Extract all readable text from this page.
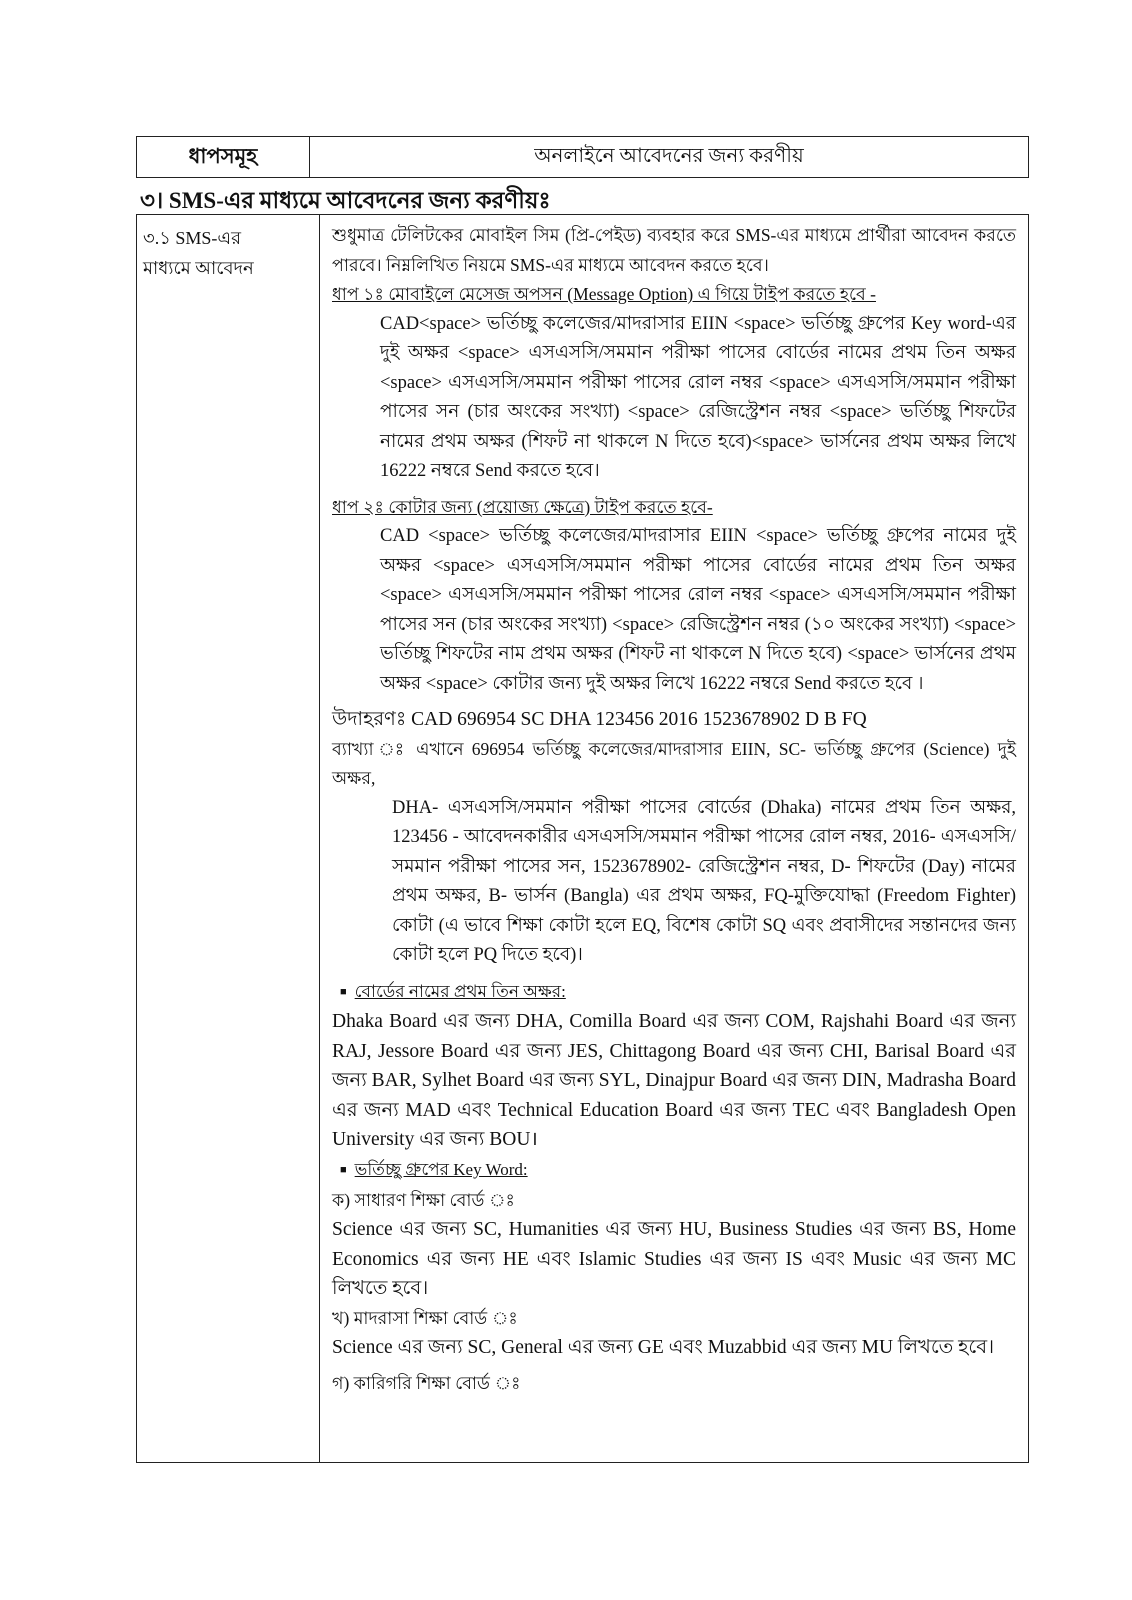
ধাপসমূহ	অনলাইনে আবেদনের জন্য করণীয়
৩। SMS-এর মাধ্যমে আবেদনের জন্য করণীয়ঃ
৩.১ SMS-এর
মাধ্যমে আবেদন

শুধুমাত্র টেলিটকের মোবাইল সিম (প্রি-পেইড) ব্যবহার করে SMS-এর মাধ্যমে প্রার্থীরা আবেদন করতে পারবে। নিম্নলিখিত নিয়মে SMS-এর মাধ্যমে আবেদন করতে হবে।

ধাপ ১ঃ মোবাইলে মেসেজ অপসন (Message Option) এ গিয়ে টাইপ করতে হবে -

CAD<space> ভর্তিচ্ছু কলেজের/মাদরাসার EIIN <space> ভর্তিচ্ছু গ্রুপের Key word-এর দুই অক্ষর <space> এসএসসি/সমমান পরীক্ষা পাসের বোর্ডের নামের প্রথম তিন অক্ষর <space> এসএসসি/সমমান পরীক্ষা পাসের রোল নম্বর <space> এসএসসি/সমমান পরীক্ষা পাসের সন (চার অংকের সংখ্যা) <space> রেজিস্ট্রেশন নম্বর <space> ভর্তিচ্ছু শিফটের নামের প্রথম অক্ষর (শিফট না থাকলে N দিতে হবে)<space> ভার্সনের প্রথম অক্ষর লিখে 16222 নম্বরে Send করতে হবে।

ধাপ ২ঃ কোটার জন্য (প্রয়োজ্য ক্ষেত্রে) টাইপ করতে হবে-

CAD <space> ভর্তিচ্ছু কলেজের/মাদরাসার EIIN <space> ভর্তিচ্ছু গ্রুপের নামের দুই অক্ষর <space> এসএসসি/সমমান পরীক্ষা পাসের বোর্ডের নামের প্রথম তিন অক্ষর <space> এসএসসি/সমমান পরীক্ষা পাসের রোল নম্বর <space> এসএসসি/সমমান পরীক্ষা পাসের সন (চার অংকের সংখ্যা) <space> রেজিস্ট্রেশন নম্বর (১০ অংকের সংখ্যা) <space> ভর্তিচ্ছু শিফটের নাম প্রথম অক্ষর (শিফট না থাকলে N দিতে হবে) <space> ভার্সনের প্রথম অক্ষর <space> কোটার জন্য দুই অক্ষর লিখে 16222 নম্বরে Send করতে হবে ।

উদাহরণঃ CAD 696954 SC DHA 123456 2016 1523678902 D B FQ

ব্যাখ্যা ঃ এখানে 696954 ভর্তিচ্ছু কলেজের/মাদরাসার EIIN, SC- ভর্তিচ্ছু গ্রুপের (Science) দুই অক্ষর,

DHA- এসএসসি/সমমান পরীক্ষা পাসের বোর্ডের (Dhaka) নামের প্রথম তিন অক্ষর, 123456 - আবেদনকারীর এসএসসি/সমমান পরীক্ষা পাসের রোল নম্বর, 2016- এসএসসি/সমমান পরীক্ষা পাসের সন, 1523678902- রেজিস্ট্রেশন নম্বর, D- শিফটের (Day) নামের প্রথম অক্ষর, B- ভার্সন (Bangla) এর প্রথম অক্ষর, FQ-মুক্তিযোদ্ধা (Freedom Fighter) কোটা (এ ভাবে শিক্ষা কোটা হলে EQ, বিশেষ কোটা SQ এবং প্রবাসীদের সন্তানদের জন্য কোটা হলে PQ দিতে হবে)।

■ বোর্ডের নামের প্রথম তিন অক্ষর:

Dhaka Board এর জন্য DHA, Comilla Board এর জন্য COM, Rajshahi Board এর জন্য RAJ, Jessore Board এর জন্য JES, Chittagong Board এর জন্য CHI, Barisal Board এর জন্য BAR, Sylhet Board এর জন্য SYL, Dinajpur Board এর জন্য DIN, Madrasha Board এর জন্য MAD এবং Technical Education Board এর জন্য TEC এবং Bangladesh Open University এর জন্য BOU।

■ ভর্তিচ্ছু গ্রুপের Key Word:

ক) সাধারণ শিক্ষা বোর্ড ঃ

Science এর জন্য SC, Humanities এর জন্য HU, Business Studies এর জন্য BS, Home Economics এর জন্য HE এবং Islamic Studies এর জন্য IS এবং Music এর জন্য MC লিখতে হবে।

খ) মাদরাসা শিক্ষা বোর্ড ঃ

Science এর জন্য SC, General এর জন্য GE এবং Muzabbid এর জন্য MU লিখতে হবে।

গ) কারিগরি শিক্ষা বোর্ড ঃ
